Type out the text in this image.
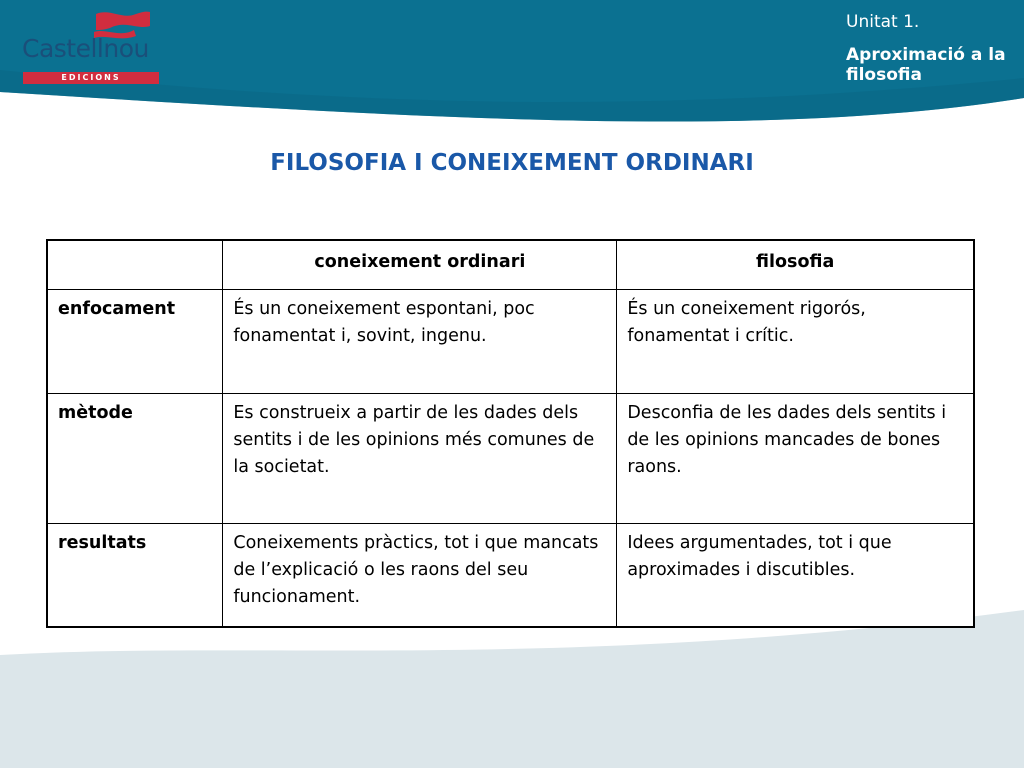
Castellnou
EDICIONS
Unitat 1.
Aproximació a la filosofia
FILOSOFIA I CONEIXEMENT ORDINARI
	coneixement ordinari	filosofia
enfocament	És un coneixement espontani, poc fonamentat i, sovint, ingenu.	És un coneixement rigorós, fonamentat i crític.
mètode	Es construeix a partir de les dades dels sentits i de les opinions més comunes de la societat.	Desconfia de les dades dels sentits i de les opinions mancades de bones raons.
resultats	Coneixements pràctics, tot i que mancats de l’explicació o les raons del seu funcionament.	Idees argumentades, tot i que aproximades i discutibles.
